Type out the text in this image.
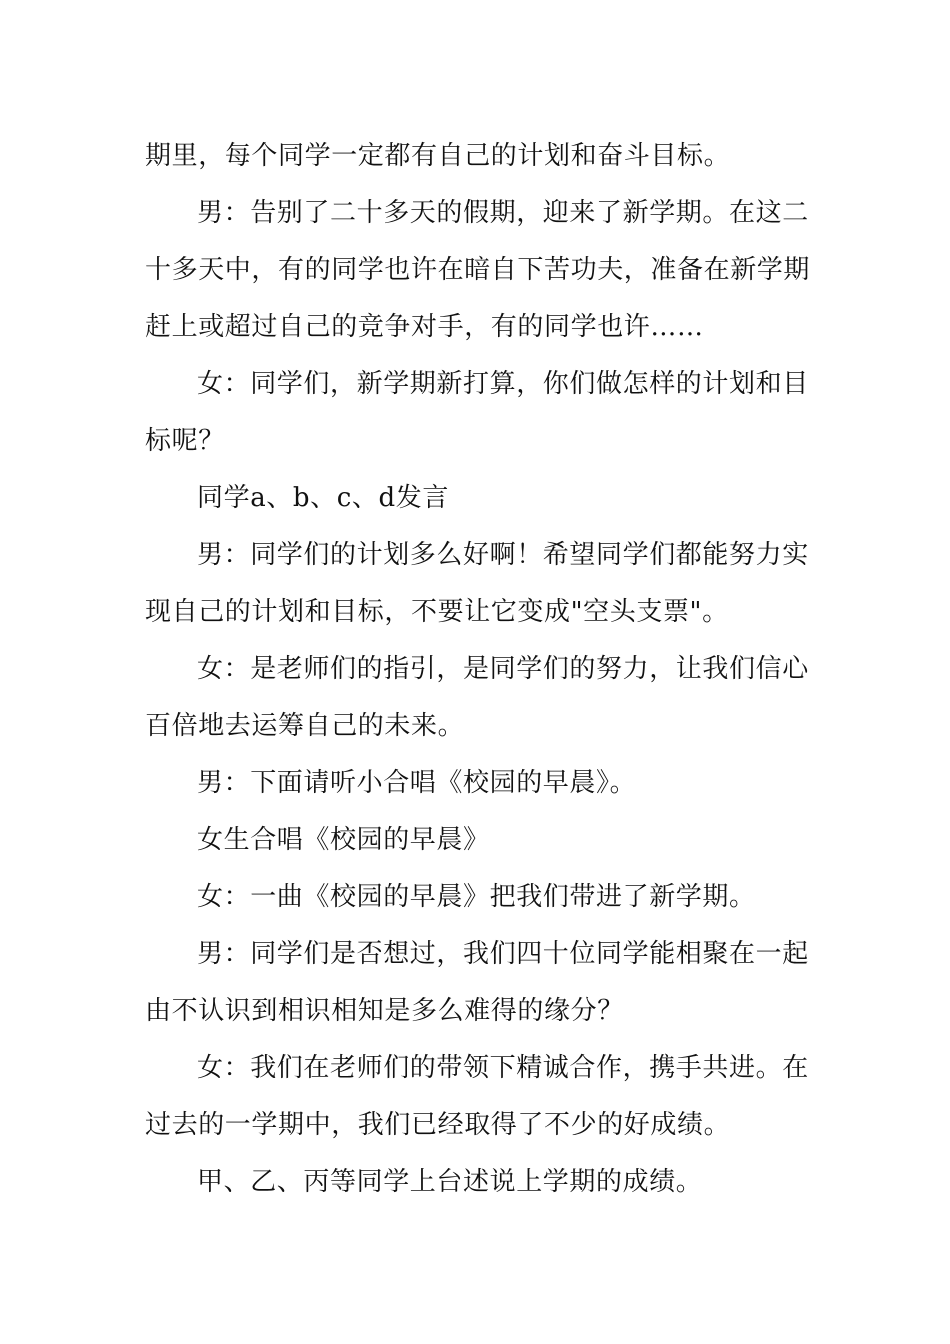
期里，每个同学一定都有自己的计划和奋斗目标。

男：告别了二十多天的假期，迎来了新学期。在这二十多天中，有的同学也许在暗自下苦功夫，准备在新学期赶上或超过自己的竞争对手，有的同学也许……

女：同学们，新学期新打算，你们做怎样的计划和目标呢？

同学a、b、c、d发言

男：同学们的计划多么好啊！希望同学们都能努力实现自己的计划和目标，不要让它变成"空头支票"。

女：是老师们的指引，是同学们的努力，让我们信心百倍地去运筹自己的未来。

男：下面请听小合唱《校园的早晨》。

女生合唱《校园的早晨》

女：一曲《校园的早晨》把我们带进了新学期。

男：同学们是否想过，我们四十位同学能相聚在一起由不认识到相识相知是多么难得的缘分？

女：我们在老师们的带领下精诚合作，携手共进。在过去的一学期中，我们已经取得了不少的好成绩。

甲、乙、丙等同学上台述说上学期的成绩。
